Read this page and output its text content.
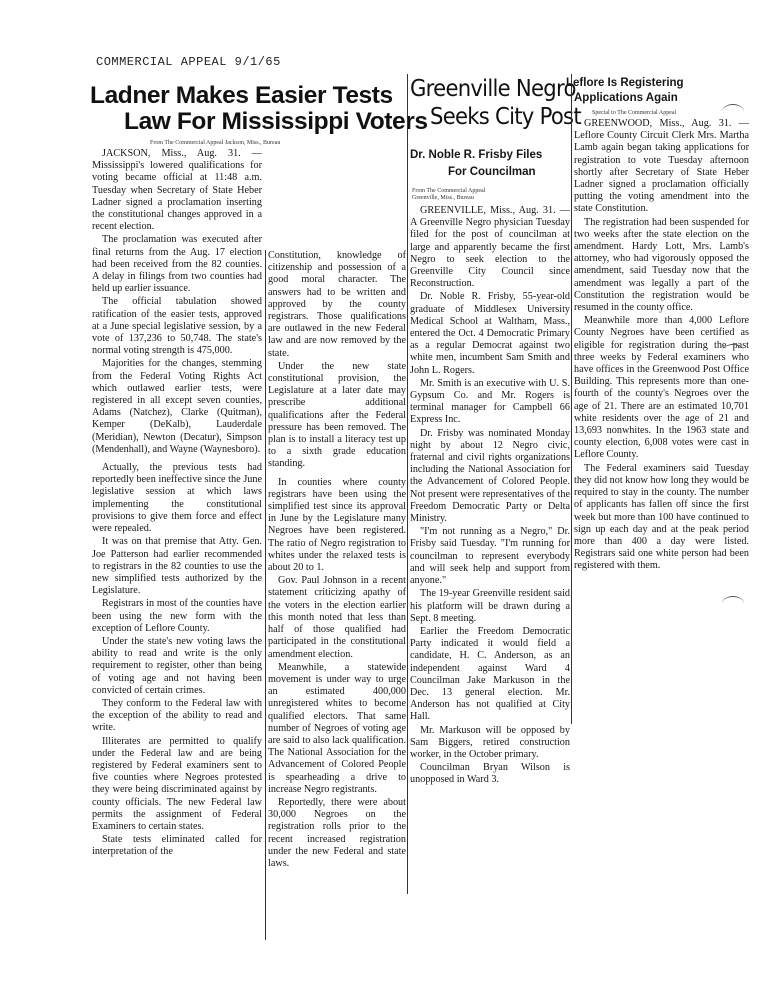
COMMERCIAL APPEAL 9/1/65
Ladner Makes Easier Tests
Law For Mississippi Voters
From The Commercial Appeal Jackson, Miss., Bureau

JACKSON, Miss., Aug. 31. — Mississippi's lowered qualifications for voting became official at 11:48 a.m. Tuesday when Secretary of State Heber Ladner signed a proclamation inserting the constitutional changes approved in a recent election.

The proclamation was executed after final returns from the Aug. 17 election had been received from the 82 counties. A delay in filings from two counties had held up earlier issuance.

The official tabulation showed ratification of the easier tests, approved at a June special legislative session, by a vote of 137,236 to 50,748. The state's normal voting strength is 475,000.

Majorities for the changes, stemming from the Federal Voting Rights Act which outlawed earlier tests, were registered in all except seven counties, Adams (Natchez), Clarke (Quitman), Kemper (DeKalb), Lauderdale (Meridian), Newton (Decatur), Simpson (Mendenhall), and Wayne (Waynesboro).

Actually, the previous tests had reportedly been ineffective since the June legislative session at which laws implementing the constitutional provisions to give them force and effect were repealed.

It was on that premise that Atty. Gen. Joe Patterson had earlier recommended to registrars in the 82 counties to use the new simplified tests authorized by the Legislature.

Registrars in most of the counties have been using the new form with the exception of Leflore County.

Under the state's new voting laws the ability to read and write is the only requirement to register, other than being of voting age and not having been convicted of certain crimes.

They conform to the Federal law with the exception of the ability to read and write.

Illiterates are permitted to qualify under the Federal law and are being registered by Federal examiners sent to five counties where Negroes protested they were being discriminated against by county officials. The new Federal law permits the assignment of Federal Examiners to certain states.

State tests eliminated called for interpretation of the

Constitution, knowledge of citizenship and possession of a good moral character. The answers had to be written and approved by the county registrars. Those qualifications are outlawed in the new Federal law and are now removed by the state.

Under the new state constitutional provision, the Legislature at a later date may prescribe additional qualifications after the Federal pressure has been removed. The plan is to install a literacy test up to a sixth grade education standing.

In counties where county registrars have been using the simplified test since its approval in June by the Legislature many Negroes have been registered. The ratio of Negro registration to whites under the relaxed tests is about 20 to 1.

Gov. Paul Johnson in a recent statement criticizing apathy of the voters in the election earlier this month noted that less than half of those qualified had participated in the constitutional amendment election.

Meanwhile, a statewide movement is under way to urge an estimated 400,000 unregistered whites to become qualified electors. That same number of Negroes of voting age are said to also lack qualification. The National Association for the Advancement of Colored People is spearheading a drive to increase Negro registrants.

Reportedly, there were about 30,000 Negroes on the registration rolls prior to the recent increased registration under the new Federal and state laws.

Greenville Negro
Seeks City Post
Dr. Noble R. Frisby Files
For Councilman
From The Commercial Appeal
Greenville, Miss., Bureau

GREENVILLE, Miss., Aug. 31. — A Greenville Negro physician Tuesday filed for the post of councilman at large and apparently became the first Negro to seek election to the Greenville City Council since Reconstruction.

Dr. Noble R. Frisby, 55-year-old graduate of Middlesex University Medical School at Waltham, Mass., entered the Oct. 4 Democratic Primary as a regular Democrat against two white men, incumbent Sam Smith and John L. Rogers.

Mr. Smith is an executive with U. S. Gypsum Co. and Mr. Rogers is terminal manager for Campbell 66 Express Inc.

Dr. Frisby was nominated Monday night by about 12 Negro civic, fraternal and civil rights organizations including the National Association for the Advancement of Colored People. Not present were representatives of the Freedom Democratic Party or Delta Ministry.

"I'm not running as a Negro," Dr. Frisby said Tuesday. "I'm running for councilman to represent everybody and will seek help and support from anyone."

The 19-year Greenville resident said his platform will be drawn during a Sept. 8 meeting.

Earlier the Freedom Democratic Party indicated it would field a candidate, H. C. Anderson, as an independent against Ward 4 Councilman Jake Markuson in the Dec. 13 general election. Mr. Anderson has not qualified at City Hall.

Mr. Markuson will be opposed by Sam Biggers, retired construction worker, in the October primary.

Councilman Bryan Wilson is unopposed in Ward 3.

Leflore Is Registering
Applications Again
Special to The Commercial Appeal

GREENWOOD, Miss., Aug. 31. — Leflore County Circuit Clerk Mrs. Martha Lamb again began taking applications for registration to vote Tuesday afternoon shortly after Secretary of State Heber Ladner signed a proclamation officially putting the voting amendment into the state Constitution.

The registration had been suspended for two weeks after the state election on the amendment. Hardy Lott, Mrs. Lamb's attorney, who had vigorously opposed the amendment, said Tuesday now that the amendment was legally a part of the Constitution the registration would be resumed in the county office.

Meanwhile more than 4,000 Leflore County Negroes have been certified as eligible for registration during the past three weeks by Federal examiners who have offices in the Greenwood Post Office Building. This represents more than one-fourth of the county's Negroes over the age of 21. There are an estimated 10,701 white residents over the age of 21 and 13,693 nonwhites. In the 1963 state and county election, 6,008 votes were cast in Leflore County.

The Federal examiners said Tuesday they did not know how long they would be required to stay in the county. The number of applicants has fallen off since the first week but more than 100 have continued to sign up each day and at the peak period more than 400 a day were listed. Registrars said one white person had been registered with them.
